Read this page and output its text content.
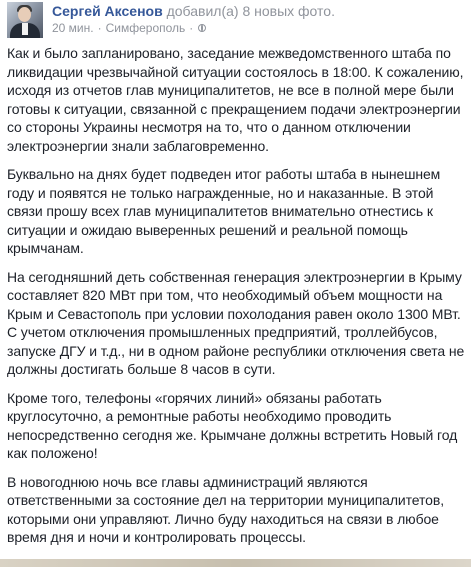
Сергей Аксенов добавил(а) 8 новых фото.
20 мин. · Симферополь ·

Как и было запланировано, заседание межведомственного штаба по ликвидации чрезвычайной ситуации состоялось в 18:00. К сожалению, исходя из отчетов глав муниципалитетов, не все в полной мере были готовы к ситуации, связанной с прекращением подачи электроэнергии со стороны Украины несмотря на то, что о данном отключении электроэнергии знали заблаговременно.

Буквально на днях будет подведен итог работы штаба в нынешнем году и появятся не только награжденные, но и наказанные. В этой связи прошу всех глав муниципалитетов внимательно отнестись к ситуации и ожидаю выверенных решений и реальной помощь крымчанам.

На сегодняшний деть собственная генерация электроэнергии в Крыму составляет 820 МВт при том, что необходимый объем мощности на Крым и Севастополь при условии похолодания равен около 1300 МВт. С учетом отключения промышленных предприятий, троллейбусов, запуске ДГУ и т.д., ни в одном районе республики отключения света не должны достигать больше 8 часов в сути.

Кроме того, телефоны «горячих линий» обязаны работать круглосуточно, а ремонтные работы необходимо проводить непосредственно сегодня же. Крымчане должны встретить Новый год как положено!

В новогоднюю ночь все главы администраций являются ответственными за состояние дел на территории муниципалитетов, которыми они управляют. Лично буду находиться на связи в любое время дня и ночи и контролировать процессы.
